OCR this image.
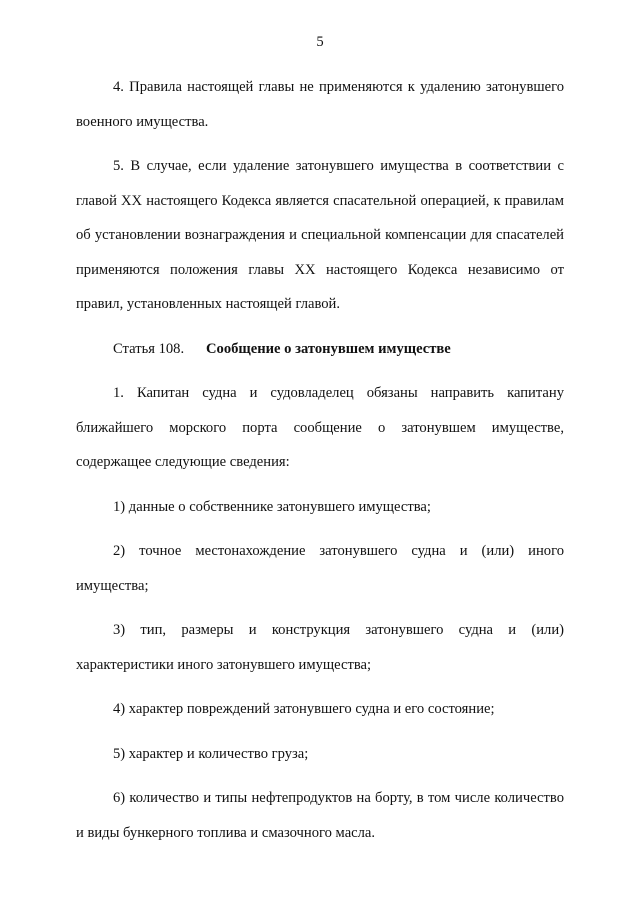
5

4. Правила настоящей главы не применяются к удалению затонувшего военного имущества.

5. В случае, если удаление затонувшего имущества в соответствии с главой XX настоящего Кодекса является спасательной операцией, к правилам об установлении вознаграждения и специальной компенсации для спасателей применяются положения главы XX настоящего Кодекса независимо от правил, установленных настоящей главой.

Статья 108. Сообщение о затонувшем имуществе

1. Капитан судна и судовладелец обязаны направить капитану ближайшего морского порта сообщение о затонувшем имуществе, содержащее следующие сведения:

1) данные о собственнике затонувшего имущества;

2) точное местонахождение затонувшего судна и (или) иного имущества;

3) тип, размеры и конструкция затонувшего судна и (или) характеристики иного затонувшего имущества;

4) характер повреждений затонувшего судна и его состояние;

5) характер и количество груза;

6) количество и типы нефтепродуктов на борту, в том числе количество и виды бункерного топлива и смазочного масла.
